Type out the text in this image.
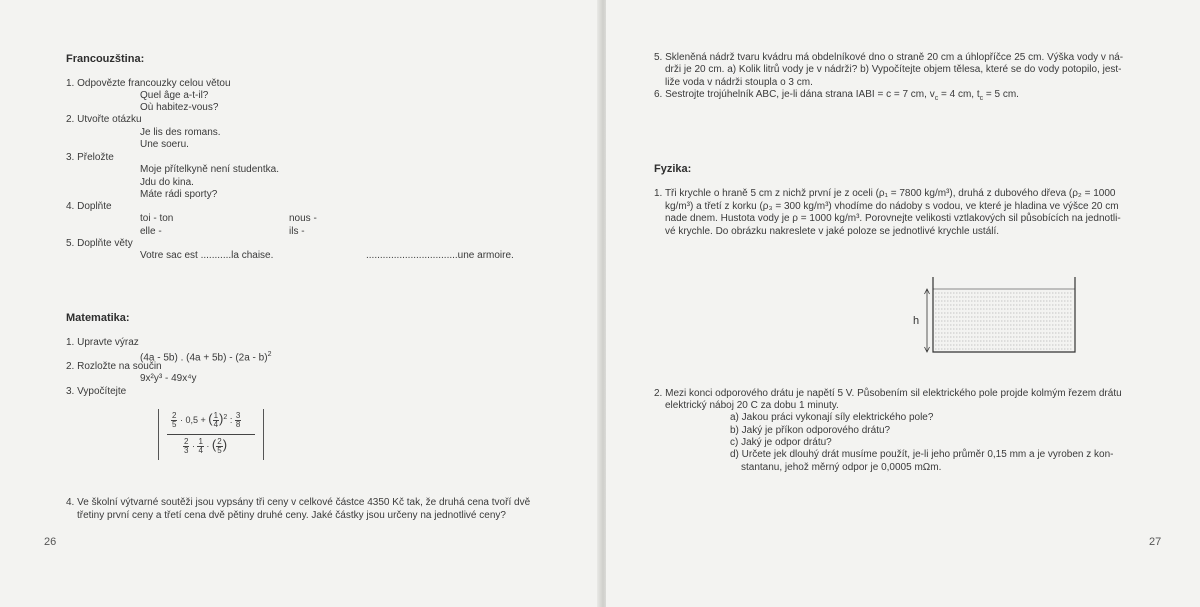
Francouzština:
1. Odpovězte francouzky celou větou
Quel âge a-t-il?
Où habitez-vous?
2. Utvořte otázku
Je lis des romans.
Une soeru.
3. Přeložte
Moje přítelkyně není studentka.
Jdu do kina.
Máte rádi sporty?
4. Doplňte
toi - ton
elle -
nous -
ils -
5. Doplňte věty
Votre sac est ...........la chaise.	.................................une armoire.
Matematika:
1. Upravte výraz
(4a - 5b) . (4a + 5b) - (2a - b)$^2$
2. Rozložte na součin
9x²y³ - 49x⁴y
3. Vypočítejte
$\frac{2}{5} \cdot 0,5$ + ( $\frac{1}{4} )^2$ : $\frac{3}{8}$
$\frac{2}{3} \cdot \frac{1}{4}$ · ( $\frac{2}{5}$ )
4. Ve školní výtvarné soutěži jsou vypsány tři ceny v celkové částce 4350 Kč tak, že druhá cena tvoří dvě
třetiny první ceny a třetí cena dvě pětiny druhé ceny. Jaké částky jsou určeny na jednotlivé ceny?
26
5. Skleněná nádrž tvaru kvádru má obdelníkové dno o straně 20 cm a úhlopříčce 25 cm. Výška vody v ná-
drži je 20 cm. a) Kolik litrů vody je v nádrži? b) Vypočítejte objem tělesa, které se do vody potopilo, jest-
liže voda v nádrži stoupla o 3 cm.
6. Sestrojte trojúhelník ABC, je-li dána strana IABI = c = 7 cm, $v_c = 4$ cm, $t_c = 5$ cm.
Fyzika:
1. Tři krychle o hraně 5 cm z nichž první je z oceli (ρ₁ = 7800 kg/m³), druhá z dubového dřeva (ρ₂ = 1000
kg/m³) a třetí z korku (ρ₃ = 300 kg/m³) vhodíme do nádoby s vodou, ve které je hladina ve výšce 20 cm
nade dnem. Hustota vody je ρ = 1000 kg/m³. Porovnejte velikosti vztlakových sil působících na jednotli-
vé krychle. Do obrázku nakreslete v jaké poloze se jednotlivé krychle ustálí.
h
2. Mezi konci odporového drátu je napětí 5 V. Působením sil elektrického pole projde kolmým řezem drátu
elektrický náboj 20 C za dobu 1 minuty.
a) Jakou práci vykonají síly elektrického pole?
b) Jaký je příkon odporového drátu?
c) Jaký je odpor drátu?
d) Určete jek dlouhý drát musíme použít, je-li jeho průměr 0,15 mm a je vyroben z kon-
stantanu, jehož měrný odpor je 0,0005 mΩm.
27
